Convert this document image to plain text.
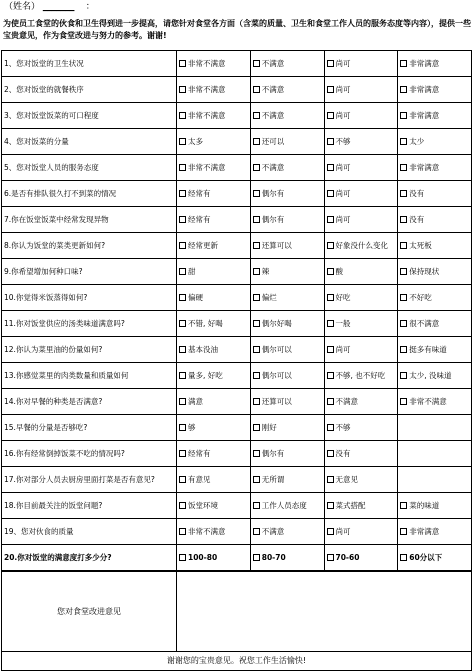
（姓名） _______ ：
为使员工食堂的伙食和卫生得到进一步提高，请您针对食堂各方面（含菜的质量、卫生和食堂工作人员的服务态度等内容），提供一些宝贵意见，作为食堂改进与努力的参考。谢谢!
1、您对饭堂的卫生状况	非常不满意	不满意	尚可	非常满意
2、您对饭堂的就餐秩序	非常不满意	不满意	尚可	非常满意
3、您对饭堂饭菜的可口程度	非常不满意	不满意	尚可	非常满意
4、您对饭菜的分量	太多	还可以	不够	太少
5、您对饭堂人员的服务态度	非常不满意	不满意	尚可	非常满意
6.是否有排队很久打不到菜的情况	经常有	偶尔有	尚可	没有
7.你在饭堂饭菜中经常发现异物	经常有	偶尔有	尚可	没有
8.你认为饭堂的菜类更新如何?	经常更新	还算可以	好象没什么变化	太死板
9.你希望增加何种口味?	甜	辣	酸	保持现状
10.你觉得米饭蒸得如何?	偏硬	偏烂	好吃	不好吃
11.你对饭堂供应的汤类味道满意吗?	不错, 好喝	偶尔好喝	一般	很不满意
12.你认为菜里油的份量如何?	基本没油	偶尔可以	尚可	挺多有味道
13.你感觉菜里的肉类数量和质量如何	量多, 好吃	偶尔可以	不够, 也不好吃	太少, 没味道
14.你对早餐的种类是否满意?	满意	还算可以	不满意	非常不满意
15.早餐的分量是否够吃?	够	刚好	不够	
16.你有经常倒掉饭菜不吃的情况吗?	经常有	偶尔有	没有	
17.你对部分人员去厨房里面打菜是否有意见?	有意见	无所谓	无意见	
18.你目前最关注的饭堂问题?	饭堂环境	工作人员态度	菜式搭配	菜的味道
19、您对伙食的质量	非常不满意	不满意	尚可	非常满意
20.你对饭堂的满意度打多少分?	100-80	80-70	70-60	60分以下
您对食堂改进意见	
谢谢您的宝贵意见。祝您工作生活愉快!
